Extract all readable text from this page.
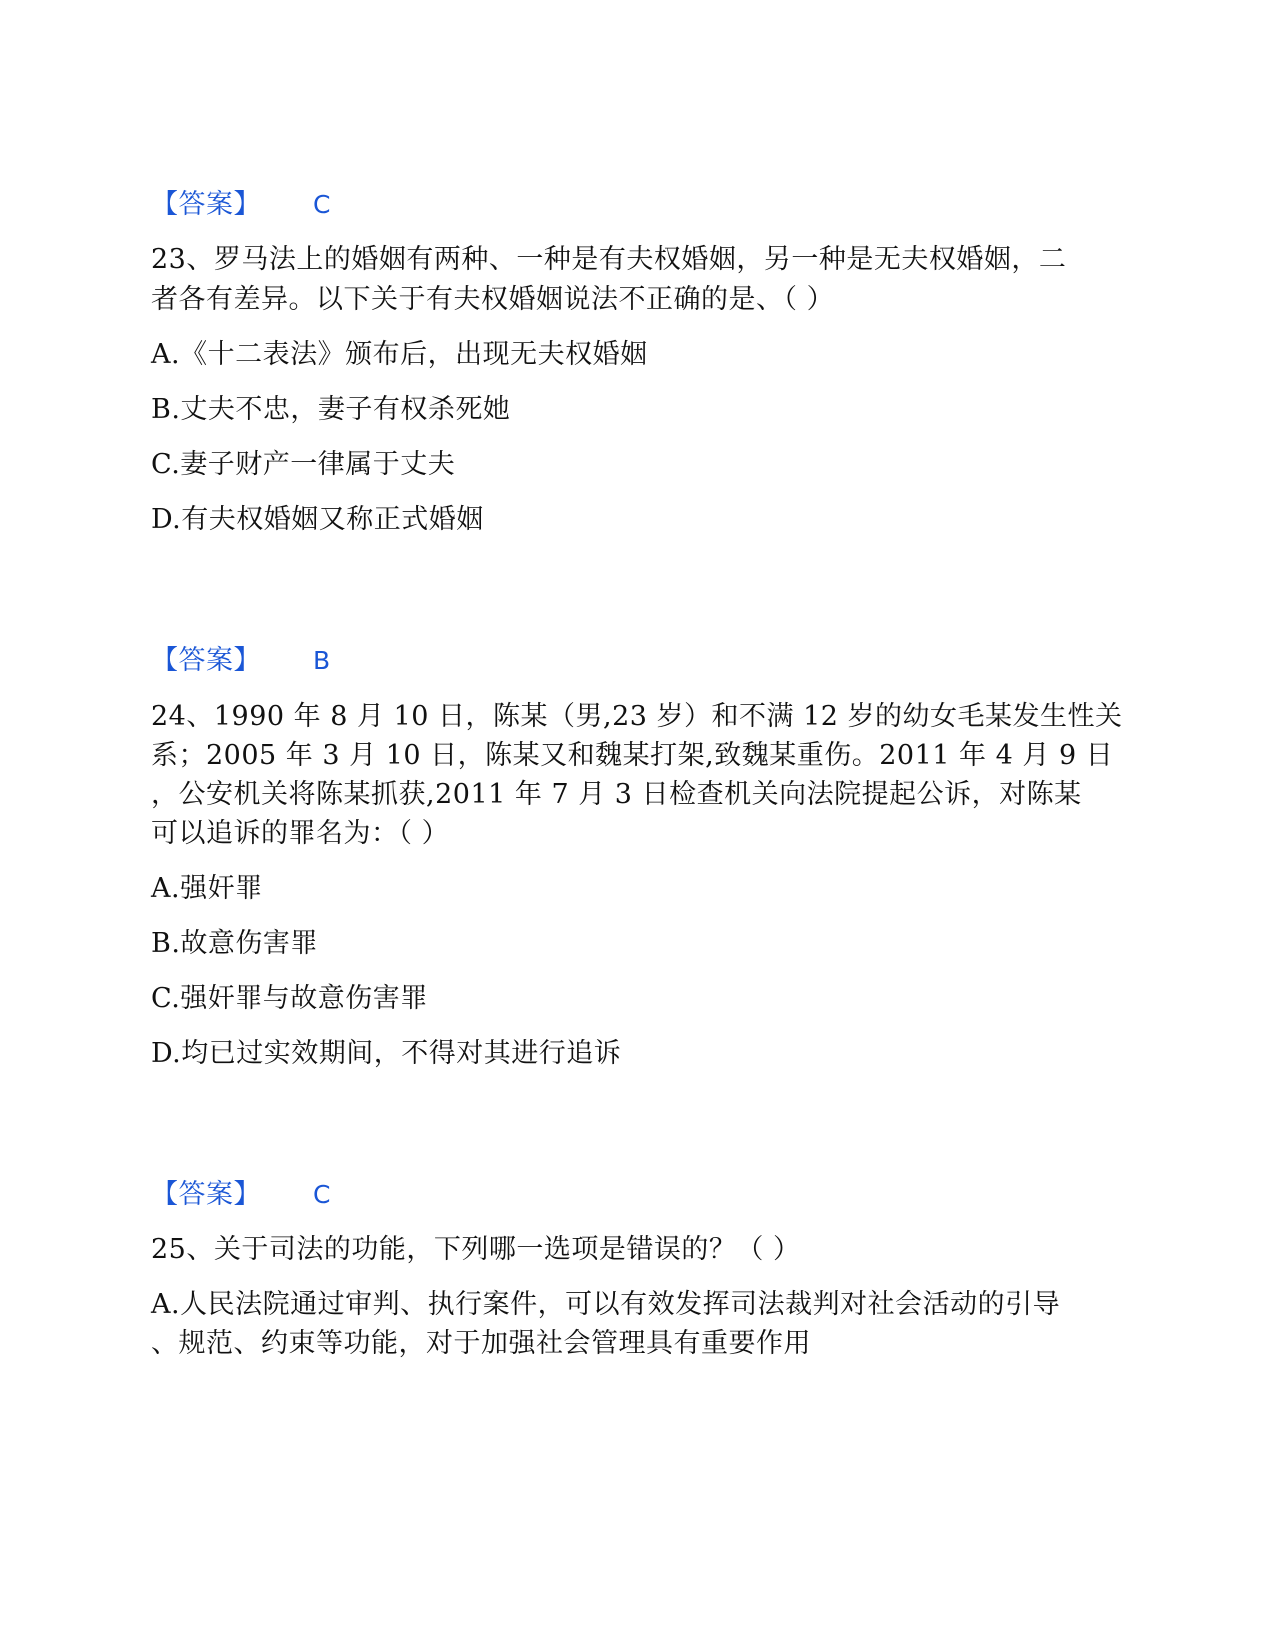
【答案】 C
23、罗马法上的婚姻有两种、一种是有夫权婚姻，另一种是无夫权婚姻，二
者各有差异。以下关于有夫权婚姻说法不正确的是、（ ）
A.《十二表法》颁布后，出现无夫权婚姻
B.丈夫不忠，妻子有权杀死她
C.妻子财产一律属于丈夫
D.有夫权婚姻又称正式婚姻
【答案】 B
24、1990 年 8 月 10 日，陈某（男,23 岁）和不满 12 岁的幼女毛某发生性关
系；2005 年 3 月 10 日，陈某又和魏某打架,致魏某重伤。2011 年 4 月 9 日
，公安机关将陈某抓获,2011 年 7 月 3 日检查机关向法院提起公诉，对陈某
可以追诉的罪名为：（ ）
A.强奸罪
B.故意伤害罪
C.强奸罪与故意伤害罪
D.均已过实效期间，不得对其进行追诉
【答案】 C
25、关于司法的功能，下列哪一选项是错误的？（ ）
A.人民法院通过审判、执行案件，可以有效发挥司法裁判对社会活动的引导
、规范、约束等功能，对于加强社会管理具有重要作用
